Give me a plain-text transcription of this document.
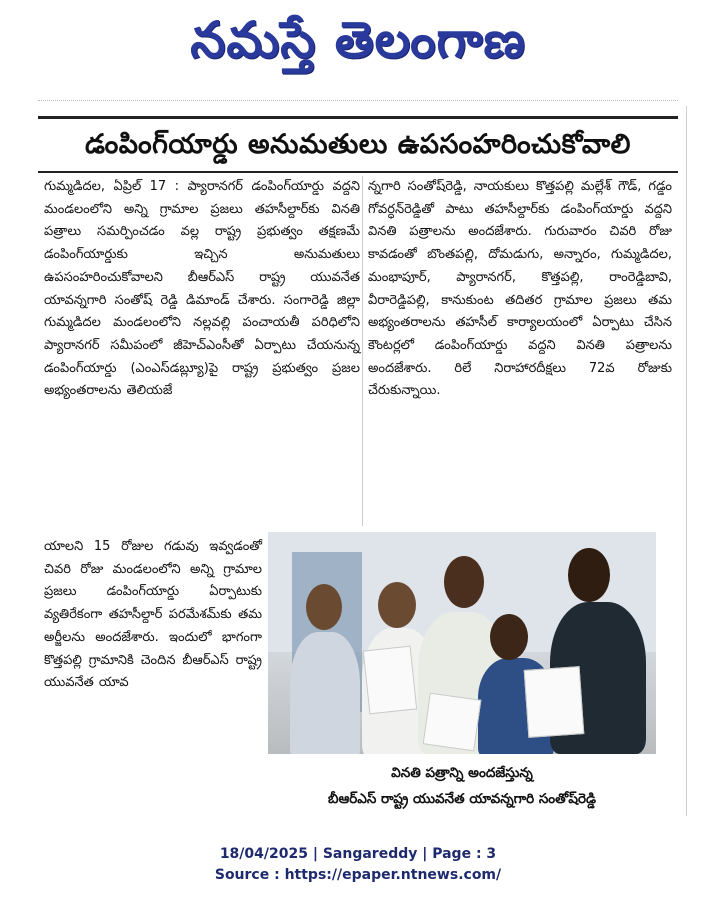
నమస్తే తెలంగాణ
డంపింగ్‌యార్డు అనుమతులు ఉపసంహరించుకోవాలి
గుమ్మడిదల, ఏప్రిల్ 17 : ప్యారానగర్ డంపింగ్‌యార్డు వద్దని మండలంలోని అన్ని గ్రామాల ప్రజలు తహసీల్దార్‌కు వినతి పత్రాలు సమర్పించడం వల్ల రాష్ట్ర ప్రభుత్వం తక్షణమే డంపింగ్‌యార్డుకు ఇచ్చిన అనుమతులు ఉపసంహరించుకోవాలని బీఆర్‌ఎస్ రాష్ట్ర యువనేత యావన్నగారి సంతోష్ రెడ్డి డిమాండ్ చేశారు. సంగారెడ్డి జిల్లా గుమ్మడిదల మండలంలోని నల్లవల్లి పంచాయతీ పరిధిలోని ప్యారానగర్ సమీపంలో జీహెచ్‌ఎంసీతో ఏర్పాటు చేయనున్న డంపింగ్‌యార్డు (ఎంఎస్‌డబ్ల్యూ)పై రాష్ట్ర ప్రభుత్వం ప్రజల అభ్యంతరాలను తెలియజే
న్నగారి సంతోష్‌రెడ్డి, నాయకులు కొత్తపల్లి మల్లేశ్ గౌడ్, గడ్డం గోవర్ధన్‌రెడ్డితో పాటు తహసీల్దార్‌కు డంపింగ్‌యార్డు వద్దని వినతి పత్రాలను అందజేశారు. గురువారం చివరి రోజు కావడంతో బొంతపల్లి, దోమడుగు, అన్నారం, గుమ్మడిదల, మంభాపూర్, ప్యారానగర్, కొత్తపల్లి, రాంరెడ్డిబావి, వీరారెడ్డిపల్లి, కానుకుంట తదితర గ్రామాల ప్రజలు తమ అభ్యంతరాలను తహసీల్ కార్యాలయంలో ఏర్పాటు చేసిన కౌంటర్లలో డంపింగ్‌యార్డు వద్దని వినతి పత్రాలను అందజేశారు. రిలే నిరాహారదీక్షలు 72వ రోజుకు చేరుకున్నాయి.
యాలని 15 రోజుల గడువు ఇవ్వడంతో చివరి రోజు మండలంలోని అన్ని గ్రామాల ప్రజలు డంపింగ్‌యార్డు ఏర్పాటుకు వ్యతిరేకంగా తహసీల్దార్ పరమేశమ్‌కు తమ అర్జీలను అందజేశారు. ఇందులో భాగంగా కొత్తపల్లి గ్రామానికి చెందిన బీఆర్‌ఎస్ రాష్ట్ర యువనేత యావ
వినతి పత్రాన్ని అందజేస్తున్న
బీఆర్‌ఎస్ రాష్ట్ర యువనేత యావన్నగారి సంతోష్‌రెడ్డి
18/04/2025 | Sangareddy | Page : 3
Source : https://epaper.ntnews.com/
